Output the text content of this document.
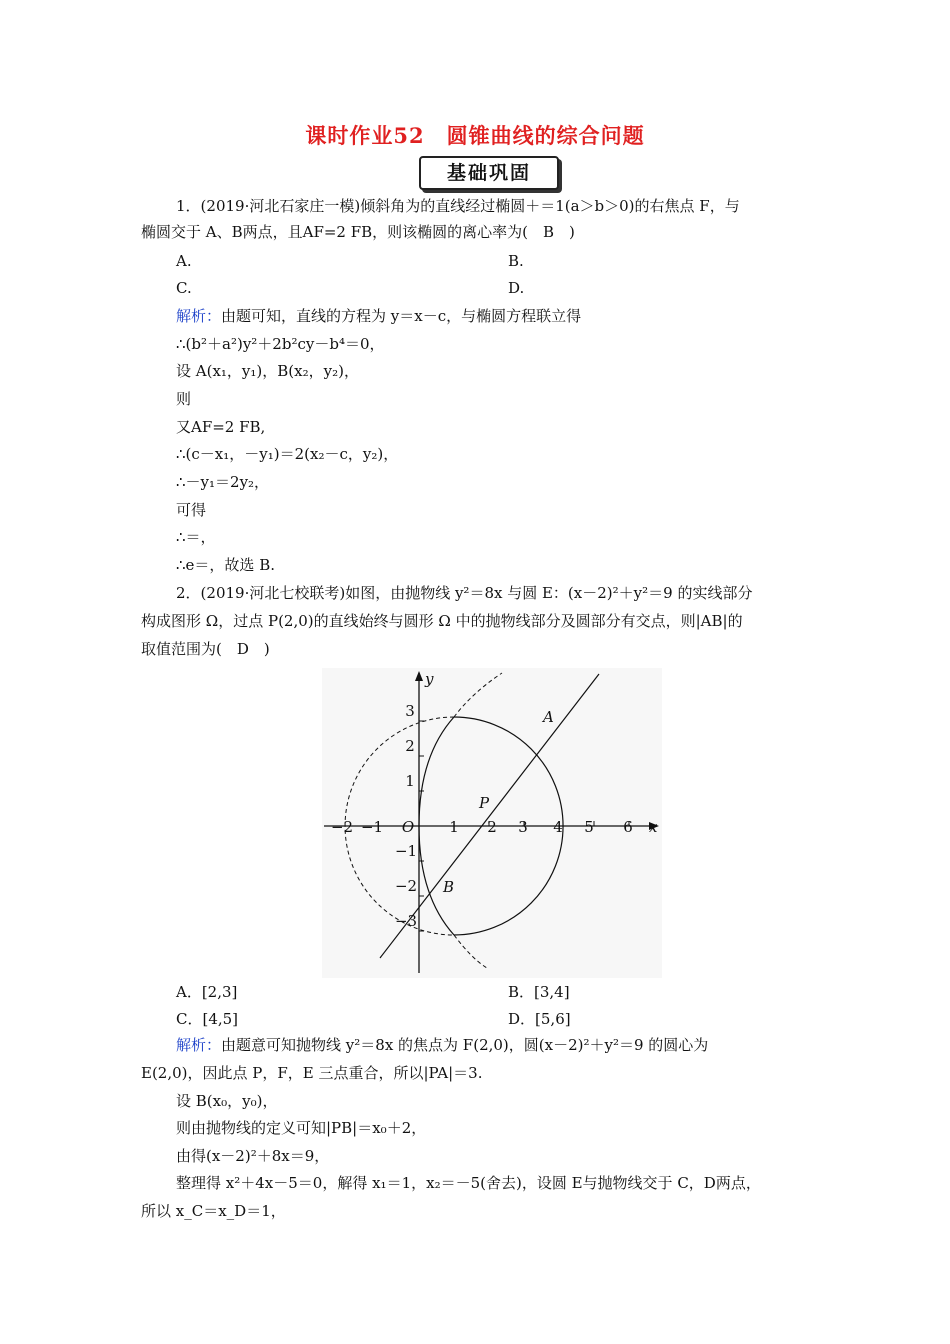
课时作业52　圆锥曲线的综合问题
基础巩固
1．(2019·河北石家庄一模)倾斜角为的直线经过椭圆＋＝1(a＞b＞0)的右焦点 F，与
椭圆交于 A、B两点，且AF=2 FB，则该椭圆的离心率为(　B　)
A.	B.
C.	D.
解析：由题可知，直线的方程为 y＝x－c，与椭圆方程联立得
∴(b²＋a²)y²＋2b²cy－b⁴＝0，
设 A(x₁，y₁)，B(x₂，y₂)，
则
又AF=2 FB,
∴(c－x₁，－y₁)＝2(x₂－c，y₂)，
∴－y₁＝2y₂，
可得
∴＝，
∴e＝，故选 B.
2．(2019·河北七校联考)如图，由抛物线 y²＝8x 与圆 E：(x－2)²＋y²＝9 的实线部分
构成图形 Ω，过点 P(2,0)的直线始终与圆形 Ω 中的抛物线部分及圆部分有交点，则|AB|的
取值范围为(　D　)
−2 −1	1 2 3 4 5 6
3
2
1
−1
−2
−3
O	x
y
P
A
B
A．[2,3]	B．[3,4]
C．[4,5]	D．[5,6]
解析：由题意可知抛物线 y²＝8x 的焦点为 F(2,0)，圆(x－2)²＋y²＝9 的圆心为
E(2,0)，因此点 P，F，E 三点重合，所以|PA|＝3.
设 B(x₀，y₀)，
则由抛物线的定义可知|PB|＝x₀＋2，
由得(x－2)²＋8x＝9，
整理得 x²＋4x－5＝0，解得 x₁＝1，x₂＝－5(舍去)，设圆 E与抛物线交于 C，D两点，
所以 x_C＝x_D＝1，
